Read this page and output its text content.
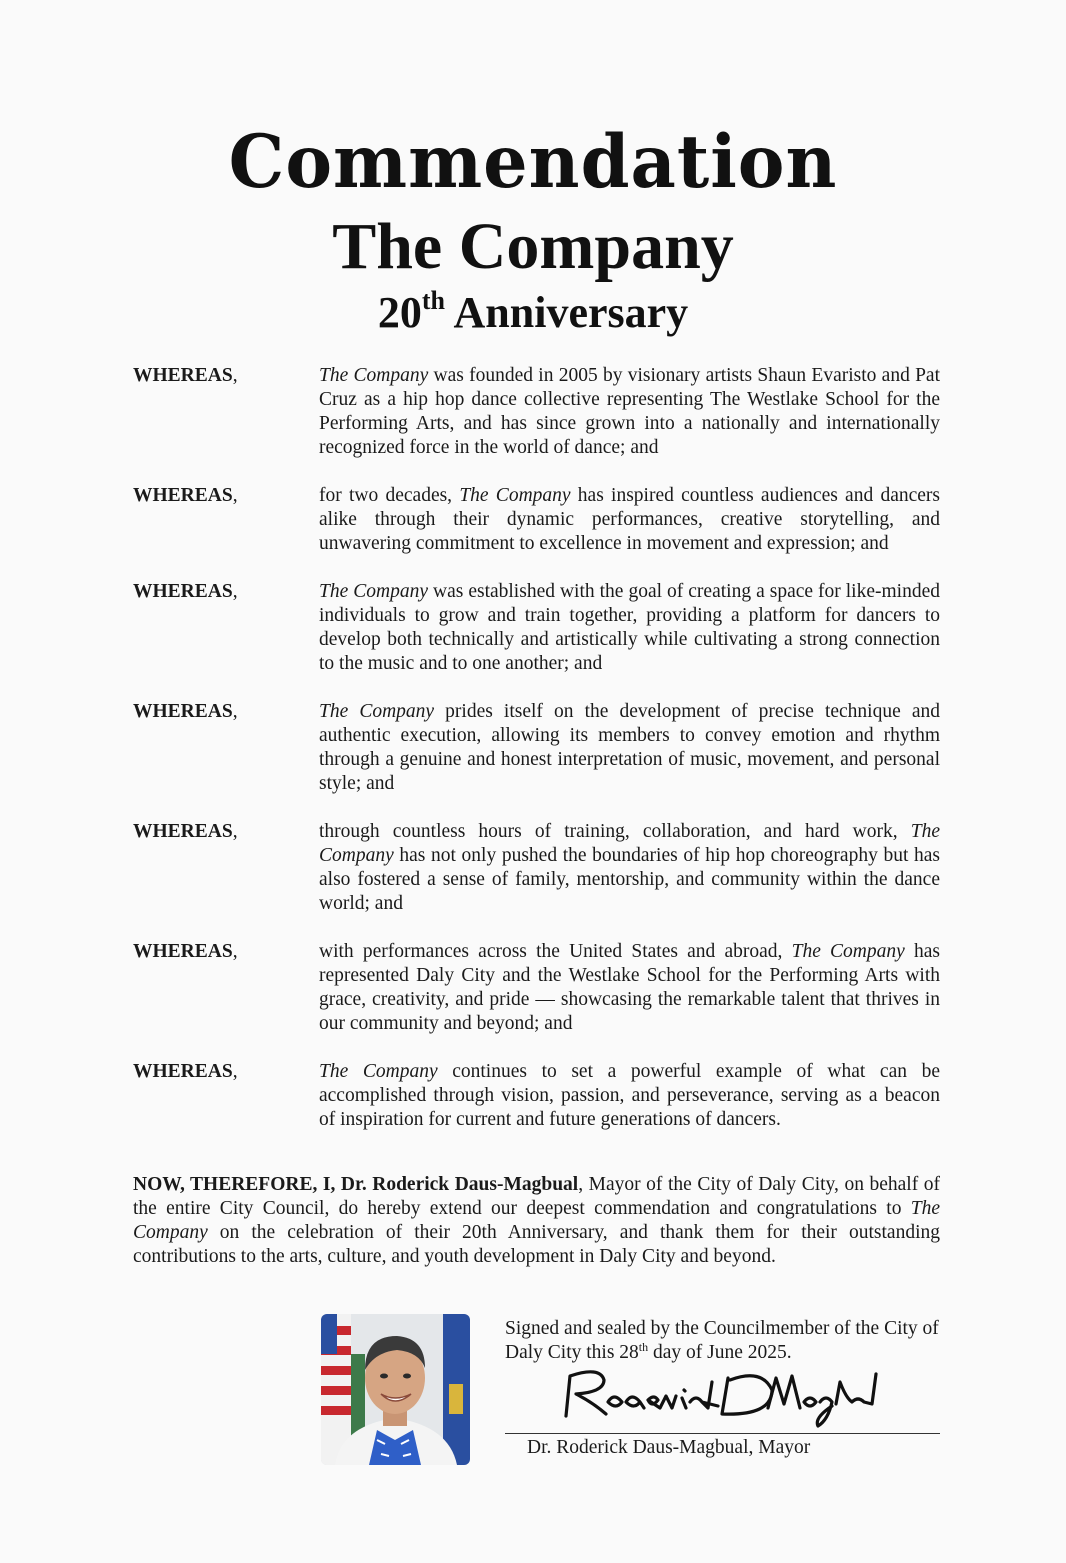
Commendation
The Company
20th Anniversary
WHEREAS,	The Company was founded in 2005 by visionary artists Shaun Evaristo and Pat Cruz as a hip hop dance collective representing The Westlake School for the Performing Arts, and has since grown into a nationally and internationally recognized force in the world of dance; and
WHEREAS,	for two decades, The Company has inspired countless audiences and dancers alike through their dynamic performances, creative storytelling, and unwavering commitment to excellence in movement and expression; and
WHEREAS,	The Company was established with the goal of creating a space for like-minded individuals to grow and train together, providing a platform for dancers to develop both technically and artistically while cultivating a strong connection to the music and to one another; and
WHEREAS,	The Company prides itself on the development of precise technique and authentic execution, allowing its members to convey emotion and rhythm through a genuine and honest interpretation of music, movement, and personal style; and
WHEREAS,	through countless hours of training, collaboration, and hard work, The Company has not only pushed the boundaries of hip hop choreography but has also fostered a sense of family, mentorship, and community within the dance world; and
WHEREAS,	with performances across the United States and abroad, The Company has represented Daly City and the Westlake School for the Performing Arts with grace, creativity, and pride — showcasing the remarkable talent that thrives in our community and beyond; and
WHEREAS,	The Company continues to set a powerful example of what can be accomplished through vision, passion, and perseverance, serving as a beacon of inspiration for current and future generations of dancers.
NOW, THEREFORE, I, Dr. Roderick Daus-Magbual, Mayor of the City of Daly City, on behalf of the entire City Council, do hereby extend our deepest commendation and congratulations to The Company on the celebration of their 20th Anniversary, and thank them for their outstanding contributions to the arts, culture, and youth development in Daly City and beyond.
Signed and sealed by the Councilmember of the City of Daly City this 28th day of June 2025.
Dr. Roderick Daus-Magbual, Mayor
